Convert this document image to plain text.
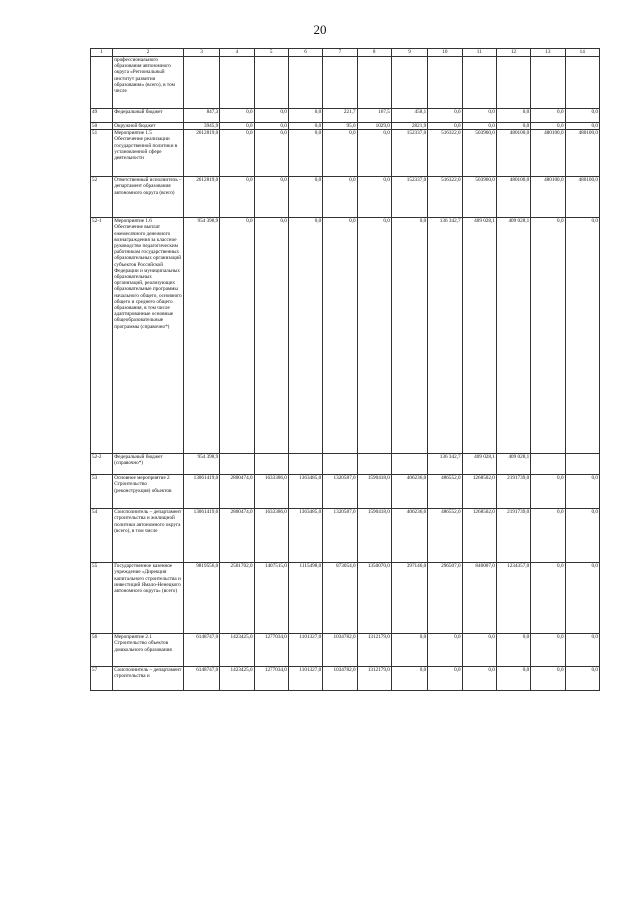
20
1	2	3	4	5	6	7	8	9	10	11	12	13	14
	профессионального образования автономного округа «Региональный институт развития образования» (всего), в том числе												
49	Федеральный бюджет	847,3	0,0	0,0	0,0	221,7	167,5	458,1	0,0	0,0	0,0	0,0	0,0
50	Окружной бюджет	3945,9	0,0	0,0	0,0	95,0	1029,0	2821,9	0,0	0,0	0,0	0,0	0,0
51	Мероприятие 1.5 Обеспечение реализации государственной политики в установленной сфере деятельности	2612819,0	0,0	0,0	0,0	0,0	0,0	152337,0	516322,0	503960,0	480100,0	480100,0	480100,0
52	Ответственный исполнитель – департамент образования автономного округа (всего)	2612819,0	0,0	0,0	0,0	0,0	0,0	152337,0	516322,0	503960,0	480100,0	480100,0	480100,0
52-1	Мероприятие 1.6 Обеспечение выплат ежемесячного денежного вознаграждения за классное руководство педагогическим работникам государственных образовательных организаций субъектов Российской Федерации и муниципальных образовательных организаций, реализующих образовательные программы начального общего, основного общего и среднего общего образования, в том числе адаптированные основные общеобразовательные программы (справочно*)	954 398,9	0,0	0,0	0,0	0,0	0,0	0,0	136 342,7	409 028,1	409 028,1	0,0	0,0
52-2	Федеральный бюджет (справочно*)	954 398,9							136 342,7	409 028,1	409 028,1		
53	Основное мероприятие 2 Строительство (реконструкция) объектов	13061419,0	2800474,0	1633386,0	1363485,0	1320587,0	1590418,0	406236,0	486552,0	1268502,0	2191739,0	0,0	0,0
54	Соисполнитель – департамент строительства и жилищной политики автономного округа (всего), в том числе	13061419,0	2800474,0	1633386,0	1363485,0	1320587,0	1590418,0	406236,0	486552,0	1268502,0	2191739,0	0,0	0,0
55	Государственное казенное учреждение «Дирекция капитального строительства и инвестиций Ямало-Ненецкого автономного округа» (всего)	9819556,0	2501702,0	1407515,0	1115498,0	873054,0	1350070,0	397146,0	296507,0	840007,0	1234357,0	0,0	0,0
56	Мероприятие 2.1 Строительство объектов дошкольного образования	6148747,0	1423425,0	1277034,0	1101327,0	1034782,0	1312179,0	0,0	0,0	0,0	0,0	0,0	0,0
57	Соисполнитель – департамент строительства и	6148747,0	1423425,0	1277034,0	1101327,0	1034782,0	1312179,0	0,0	0,0	0,0	0,0	0,0	0,0
